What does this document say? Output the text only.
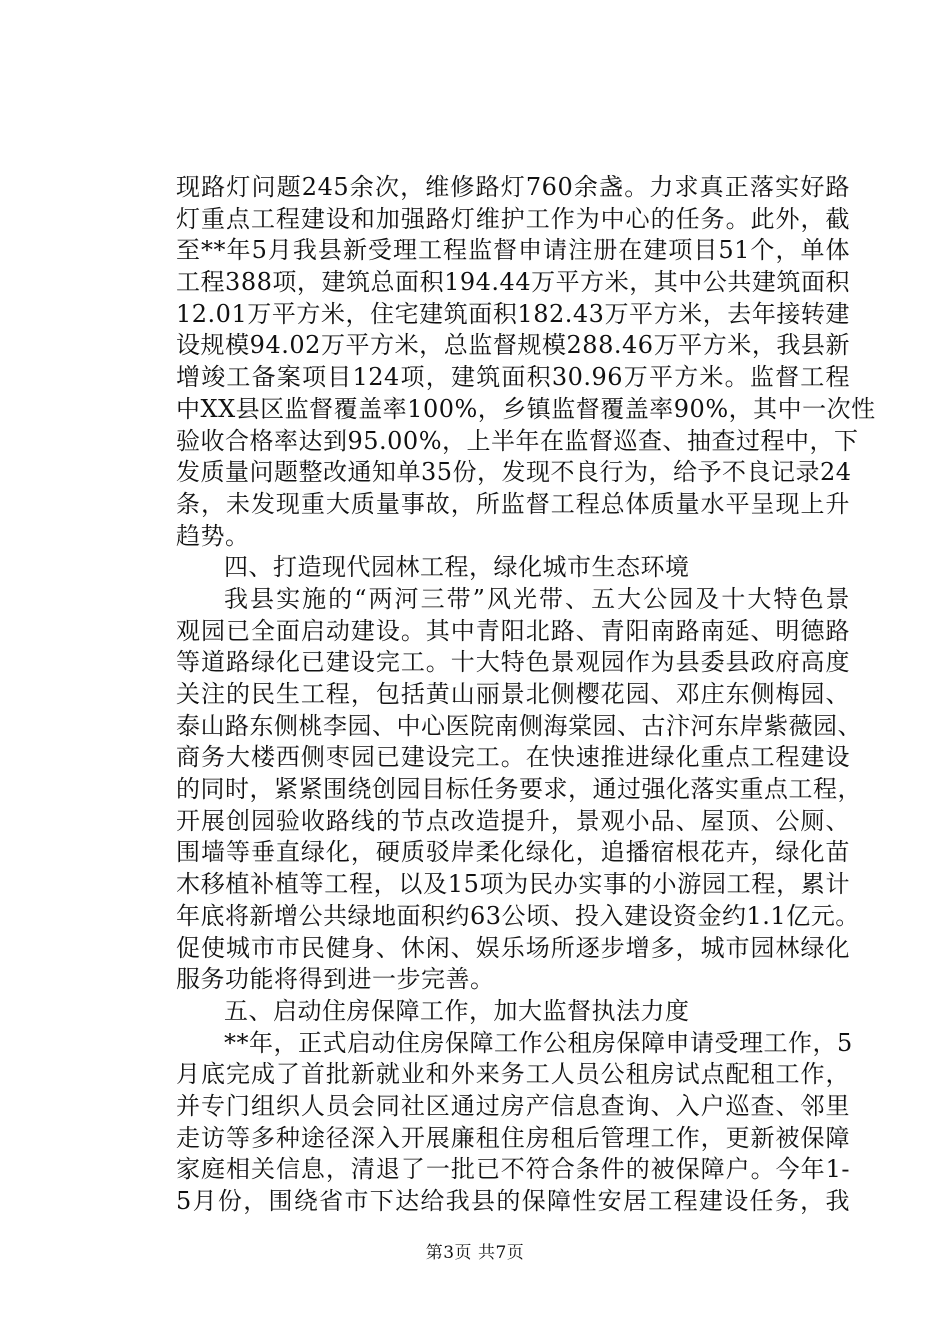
现路灯问题245余次，维修路灯760余盏。力求真正落实好路
灯重点工程建设和加强路灯维护工作为中心的任务。此外，截
至**年5月我县新受理工程监督申请注册在建项目51个，单体
工程388项，建筑总面积194.44万平方米，其中公共建筑面积
12.01万平方米，住宅建筑面积182.43万平方米，去年接转建
设规模94.02万平方米，总监督规模288.46万平方米，我县新
增竣工备案项目124项，建筑面积30.96万平方米。监督工程
中XX县区监督覆盖率100%，乡镇监督覆盖率90%，其中一次性
验收合格率达到95.00%，上半年在监督巡查、抽查过程中，下
发质量问题整改通知单35份，发现不良行为，给予不良记录24
条，未发现重大质量事故，所监督工程总体质量水平呈现上升
趋势。
四、打造现代园林工程，绿化城市生态环境
我县实施的“两河三带”风光带、五大公园及十大特色景
观园已全面启动建设。其中青阳北路、青阳南路南延、明德路
等道路绿化已建设完工。十大特色景观园作为县委县政府高度
关注的民生工程，包括黄山丽景北侧樱花园、邓庄东侧梅园、
泰山路东侧桃李园、中心医院南侧海棠园、古汴河东岸紫薇园、
商务大楼西侧枣园已建设完工。在快速推进绿化重点工程建设
的同时，紧紧围绕创园目标任务要求，通过强化落实重点工程，
开展创园验收路线的节点改造提升，景观小品、屋顶、公厕、
围墙等垂直绿化，硬质驳岸柔化绿化，追播宿根花卉，绿化苗
木移植补植等工程，以及15项为民办实事的小游园工程，累计
年底将新增公共绿地面积约63公顷、投入建设资金约1.1亿元。
促使城市市民健身、休闲、娱乐场所逐步增多，城市园林绿化
服务功能将得到进一步完善。
五、启动住房保障工作，加大监督执法力度
**年，正式启动住房保障工作公租房保障申请受理工作，5
月底完成了首批新就业和外来务工人员公租房试点配租工作，
并专门组织人员会同社区通过房产信息查询、入户巡查、邻里
走访等多种途径深入开展廉租住房租后管理工作，更新被保障
家庭相关信息，清退了一批已不符合条件的被保障户。今年1-
5月份，围绕省市下达给我县的保障性安居工程建设任务，我
第3页 共7页
